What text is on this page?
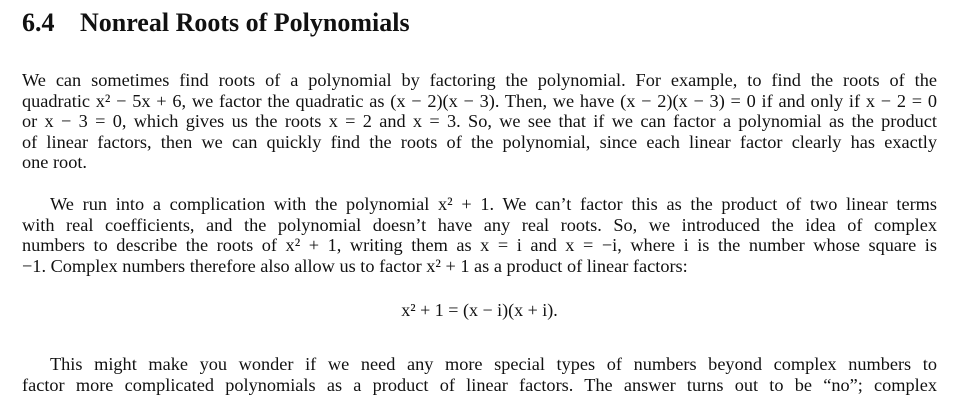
6.4 Nonreal Roots of Polynomials

We can sometimes find roots of a polynomial by factoring the polynomial. For example, to find the roots of the
quadratic x² − 5x + 6, we factor the quadratic as (x − 2)(x − 3). Then, we have (x − 2)(x − 3) = 0 if and only if x − 2 = 0
or x − 3 = 0, which gives us the roots x = 2 and x = 3. So, we see that if we can factor a polynomial as the product
of linear factors, then we can quickly find the roots of the polynomial, since each linear factor clearly has exactly
one root.

We run into a complication with the polynomial x² + 1. We can’t factor this as the product of two linear terms
with real coefficients, and the polynomial doesn’t have any real roots. So, we introduced the idea of complex
numbers to describe the roots of x² + 1, writing them as x = i and x = −i, where i is the number whose square is
−1. Complex numbers therefore also allow us to factor x² + 1 as a product of linear factors:

x² + 1 = (x − i)(x + i).

This might make you wonder if we need any more special types of numbers beyond complex numbers to
factor more complicated polynomials as a product of linear factors. The answer turns out to be “no”; complex
